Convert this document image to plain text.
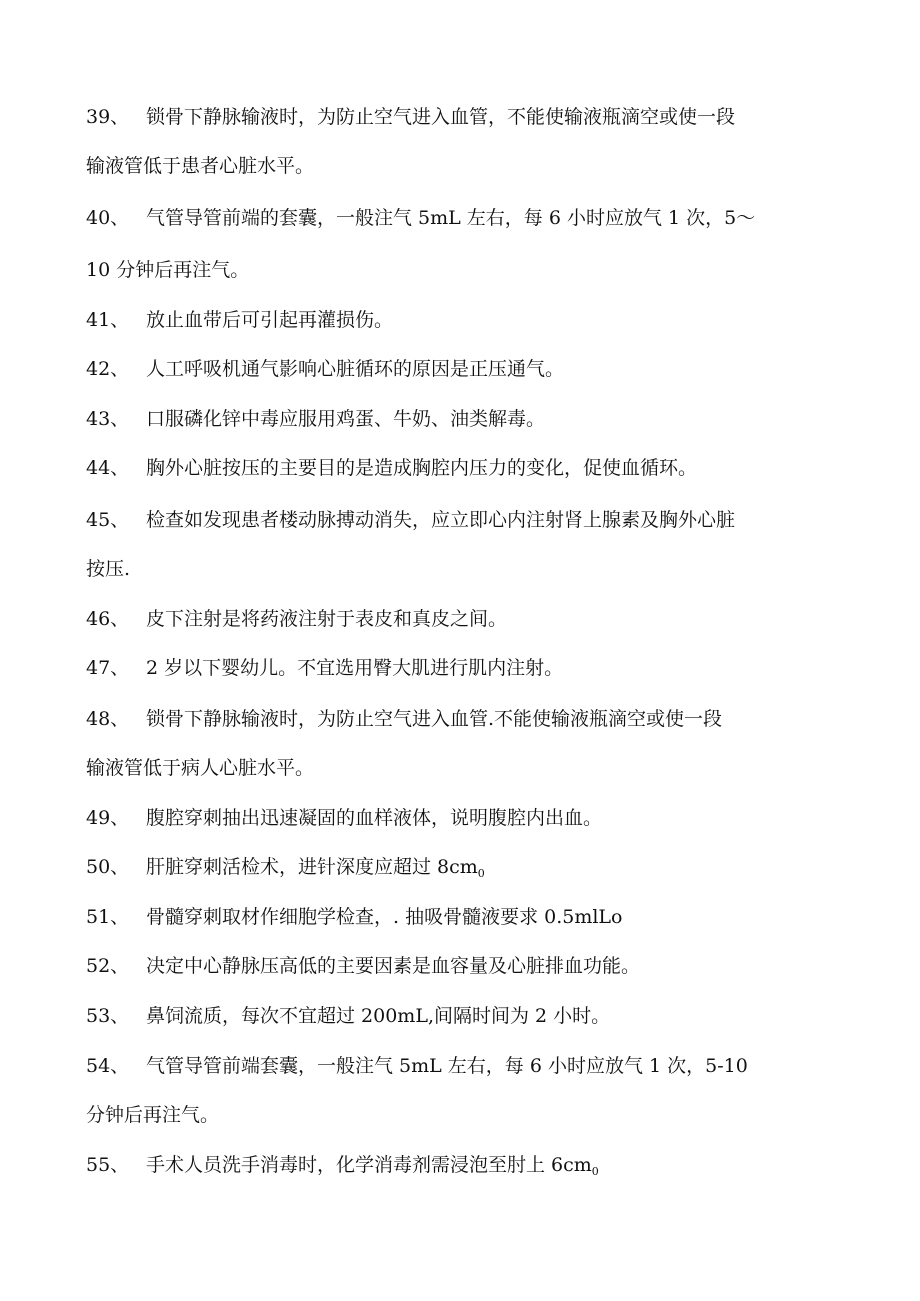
39、 锁骨下静脉输液时，为防止空气进入血管，不能使输液瓶滴空或使一段
输液管低于患者心脏水平。
40、 气管导管前端的套囊，一般注气 5mL 左右，每 6 小时应放气 1 次，5～
10 分钟后再注气。
41、 放止血带后可引起再灌损伤。
42、 人工呼吸机通气影响心脏循环的原因是正压通气。
43、 口服磷化锌中毒应服用鸡蛋、牛奶、油类解毒。
44、 胸外心脏按压的主要目的是造成胸腔内压力的变化，促使血循环。
45、 检查如发现患者楼动脉搏动消失，应立即心内注射肾上腺素及胸外心脏
按压.
46、 皮下注射是将药液注射于表皮和真皮之间。
47、 2 岁以下婴幼儿。不宜选用臀大肌进行肌内注射。
48、 锁骨下静脉输液时，为防止空气进入血管.不能使输液瓶滴空或使一段
输液管低于病人心脏水平。
49、 腹腔穿刺抽出迅速凝固的血样液体，说明腹腔内出血。
50、 肝脏穿刺活检术，进针深度应超过 $8cm_0$
51、 骨髓穿刺取材作细胞学检查，. 抽吸骨髓液要求 0.5mlLo
52、 决定中心静脉压高低的主要因素是血容量及心脏排血功能。
53、 鼻饲流质，每次不宜超过 200mL,间隔时间为 2 小时。
54、 气管导管前端套囊，一般注气 5mL 左右，每 6 小时应放气 1 次，5-10
分钟后再注气。
55、 手术人员洗手消毒时，化学消毒剂需浸泡至肘上 $6cm_0$
